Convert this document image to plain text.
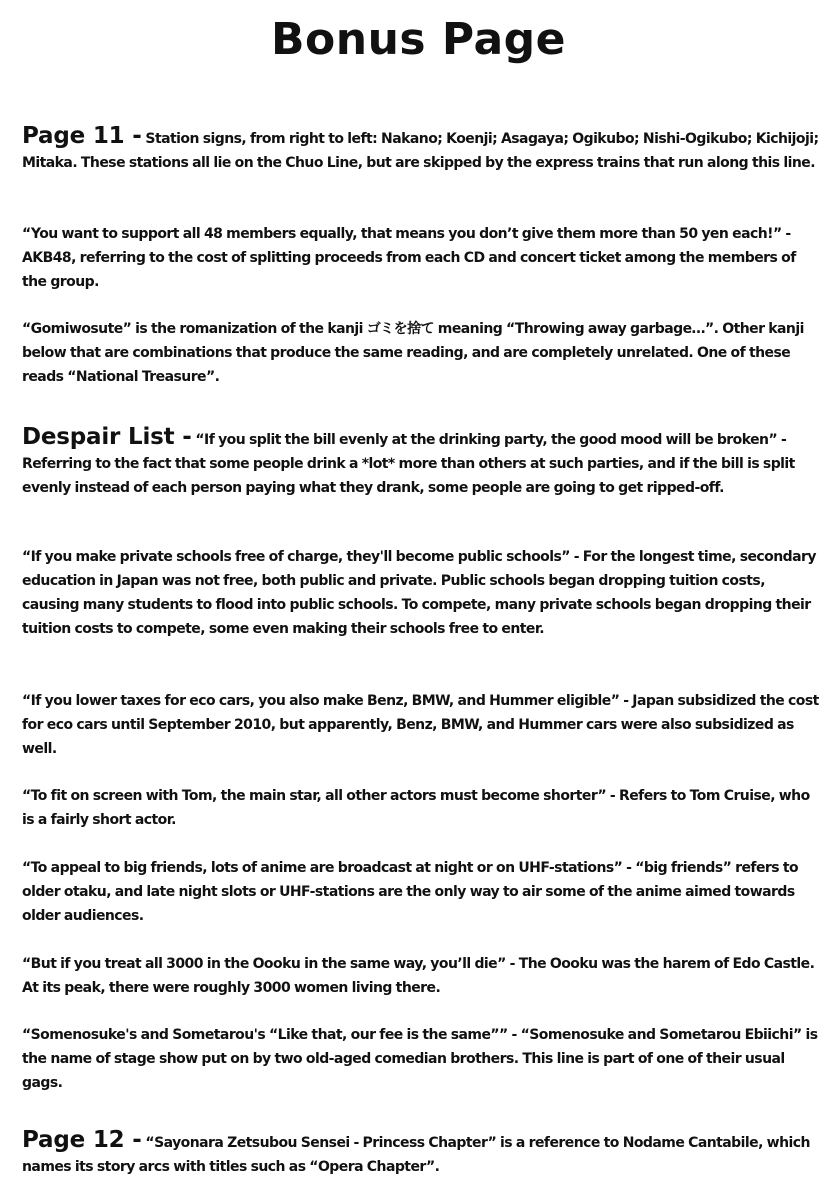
Bonus Page

Page 11 - Station signs, from right to left: Nakano; Koenji; Asagaya; Ogikubo; Nishi-Ogikubo; Kichijoji; Mitaka. These stations all lie on the Chuo Line, but are skipped by the express trains that run along this line.

“You want to support all 48 members equally, that means you don’t give them more than 50 yen each!” - AKB48, referring to the cost of splitting proceeds from each CD and concert ticket among the members of the group.

“Gomiwosute” is the romanization of the kanji ゴミを捨て meaning “Throwing away garbage…”. Other kanji below that are combinations that produce the same reading, and are completely unrelated. One of these reads “National Treasure”.

Despair List - “If you split the bill evenly at the drinking party, the good mood will be broken” - Referring to the fact that some people drink a *lot* more than others at such parties, and if the bill is split evenly instead of each person paying what they drank, some people are going to get ripped-off.

“If you make private schools free of charge, they'll become public schools” - For the longest time, secondary education in Japan was not free, both public and private. Public schools began dropping tuition costs, causing many students to flood into public schools. To compete, many private schools began dropping their tuition costs to compete, some even making their schools free to enter.

“If you lower taxes for eco cars, you also make Benz, BMW, and Hummer eligible” - Japan subsidized the cost for eco cars until September 2010, but apparently, Benz, BMW, and Hummer cars were also subsidized as well.

“To fit on screen with Tom, the main star, all other actors must become shorter” - Refers to Tom Cruise, who is a fairly short actor.

“To appeal to big friends, lots of anime are broadcast at night or on UHF-stations” - “big friends” refers to older otaku, and late night slots or UHF-stations are the only way to air some of the anime aimed towards older audiences.

“But if you treat all 3000 in the Oooku in the same way, you’ll die” - The Oooku was the harem of Edo Castle. At its peak, there were roughly 3000 women living there.

“Somenosuke's and Sometarou's “Like that, our fee is the same”” - “Somenosuke and Sometarou Ebiichi” is the name of stage show put on by two old-aged comedian brothers. This line is part of one of their usual gags.

Page 12 - “Sayonara Zetsubou Sensei - Princess Chapter” is a reference to Nodame Cantabile, which names its story arcs with titles such as “Opera Chapter”.
